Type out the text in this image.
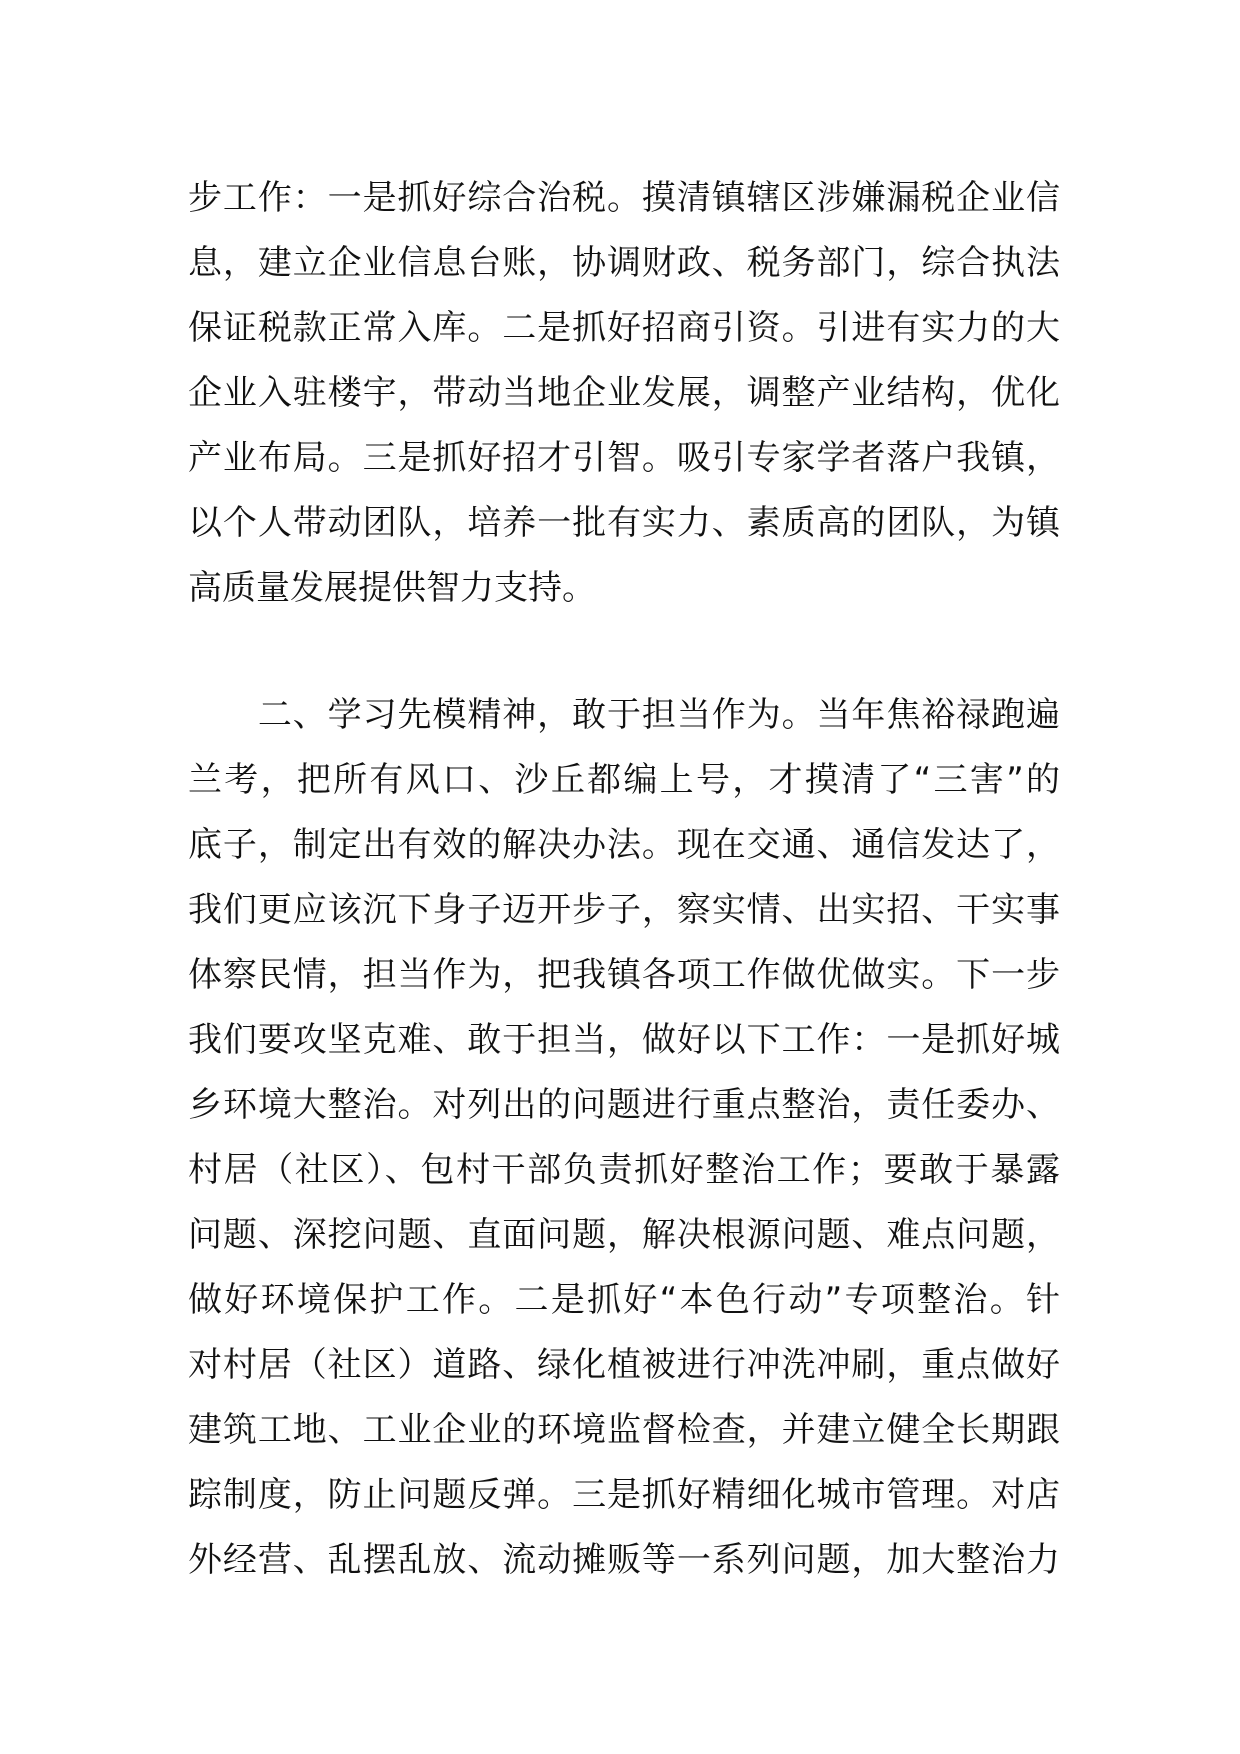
步工作：一是抓好综合治税。摸清镇辖区涉嫌漏税企业信
息，建立企业信息台账，协调财政、税务部门，综合执法
保证税款正常入库。二是抓好招商引资。引进有实力的大
企业入驻楼宇，带动当地企业发展，调整产业结构，优化
产业布局。三是抓好招才引智。吸引专家学者落户我镇，
以个人带动团队，培养一批有实力、素质高的团队，为镇
高质量发展提供智力支持。
　　二、学习先模精神，敢于担当作为。当年焦裕禄跑遍
兰考，把所有风口、沙丘都编上号，才摸清了“三害”的
底子，制定出有效的解决办法。现在交通、通信发达了，
我们更应该沉下身子迈开步子，察实情、出实招、干实事
体察民情，担当作为，把我镇各项工作做优做实。下一步
我们要攻坚克难、敢于担当，做好以下工作：一是抓好城
乡环境大整治。对列出的问题进行重点整治，责任委办、
村居（社区）、包村干部负责抓好整治工作；要敢于暴露
问题、深挖问题、直面问题，解决根源问题、难点问题，
做好环境保护工作。二是抓好“本色行动”专项整治。针
对村居（社区）道路、绿化植被进行冲洗冲刷，重点做好
建筑工地、工业企业的环境监督检查，并建立健全长期跟
踪制度，防止问题反弹。三是抓好精细化城市管理。对店
外经营、乱摆乱放、流动摊贩等一系列问题，加大整治力
